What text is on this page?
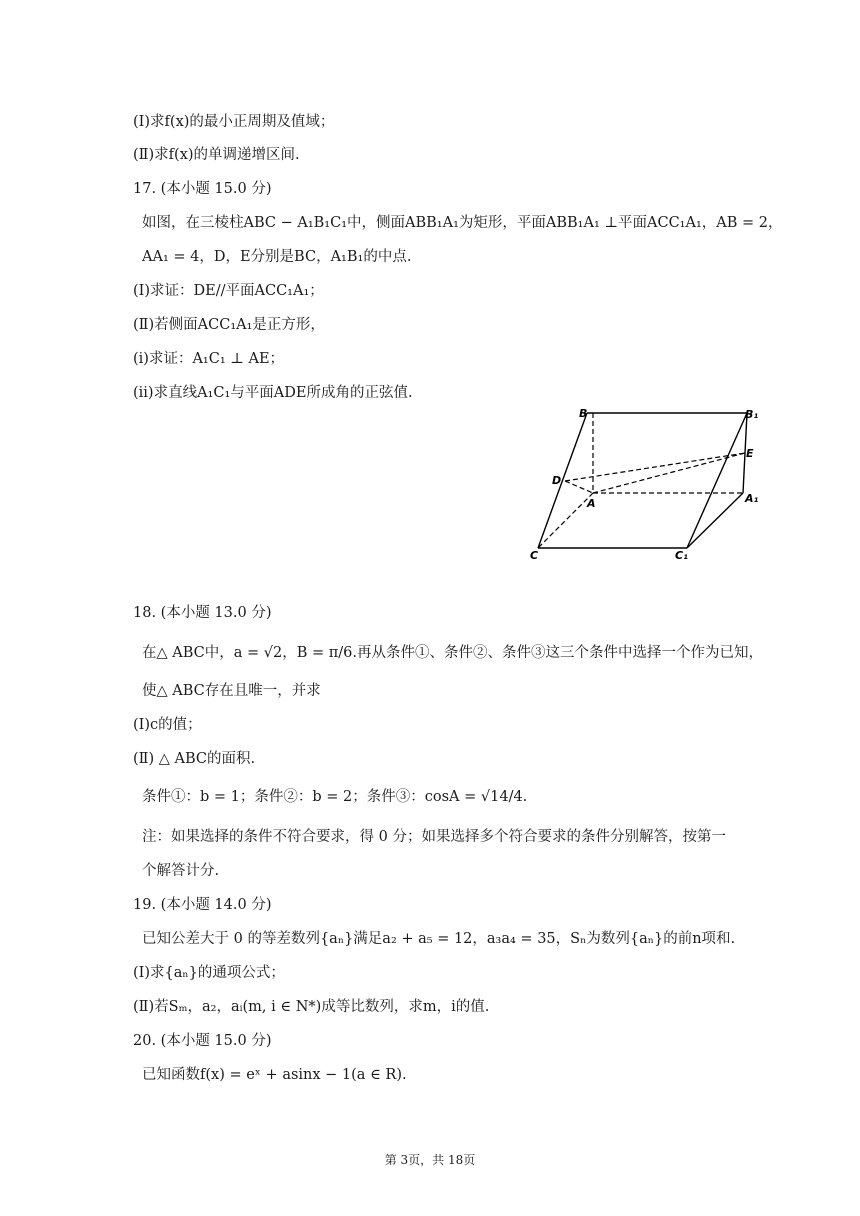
(Ⅰ)求f(x)的最小正周期及值域；
(Ⅱ)求f(x)的单调递增区间.
17. (本小题 15.0 分)
如图，在三棱柱ABC − A₁B₁C₁中，侧面ABB₁A₁为矩形，平面ABB₁A₁ ⊥平面ACC₁A₁，AB = 2，
AA₁ = 4，D，E分别是BC，A₁B₁的中点.
(Ⅰ)求证：DE//平面ACC₁A₁；
(Ⅱ)若侧面ACC₁A₁是正方形，
(ⅰ)求证：A₁C₁ ⊥ AE；
(ⅱ)求直线A₁C₁与平面ADE所成角的正弦值.
B	B₁
E
D
A	A₁
C	C₁
18. (本小题 13.0 分)
在△ ABC中，a = √2，B = π/6.再从条件①、条件②、条件③这三个条件中选择一个作为已知，
使△ ABC存在且唯一，并求
(Ⅰ)c的值；
(Ⅱ) △ ABC的面积.
条件①：b = 1；条件②：b = 2；条件③：cosA = √14/4.
注：如果选择的条件不符合要求，得 0 分；如果选择多个符合要求的条件分别解答，按第一
个解答计分.
19. (本小题 14.0 分)
已知公差大于 0 的等差数列{aₙ}满足a₂ + a₅ = 12，a₃a₄ = 35，Sₙ为数列{aₙ}的前n项和.
(Ⅰ)求{aₙ}的通项公式；
(Ⅱ)若Sₘ，a₂，aᵢ(m, i ∈ N*)成等比数列，求m，i的值.
20. (本小题 15.0 分)
已知函数f(x) = eˣ + asinx − 1(a ∈ R).
第 3页，共 18页
